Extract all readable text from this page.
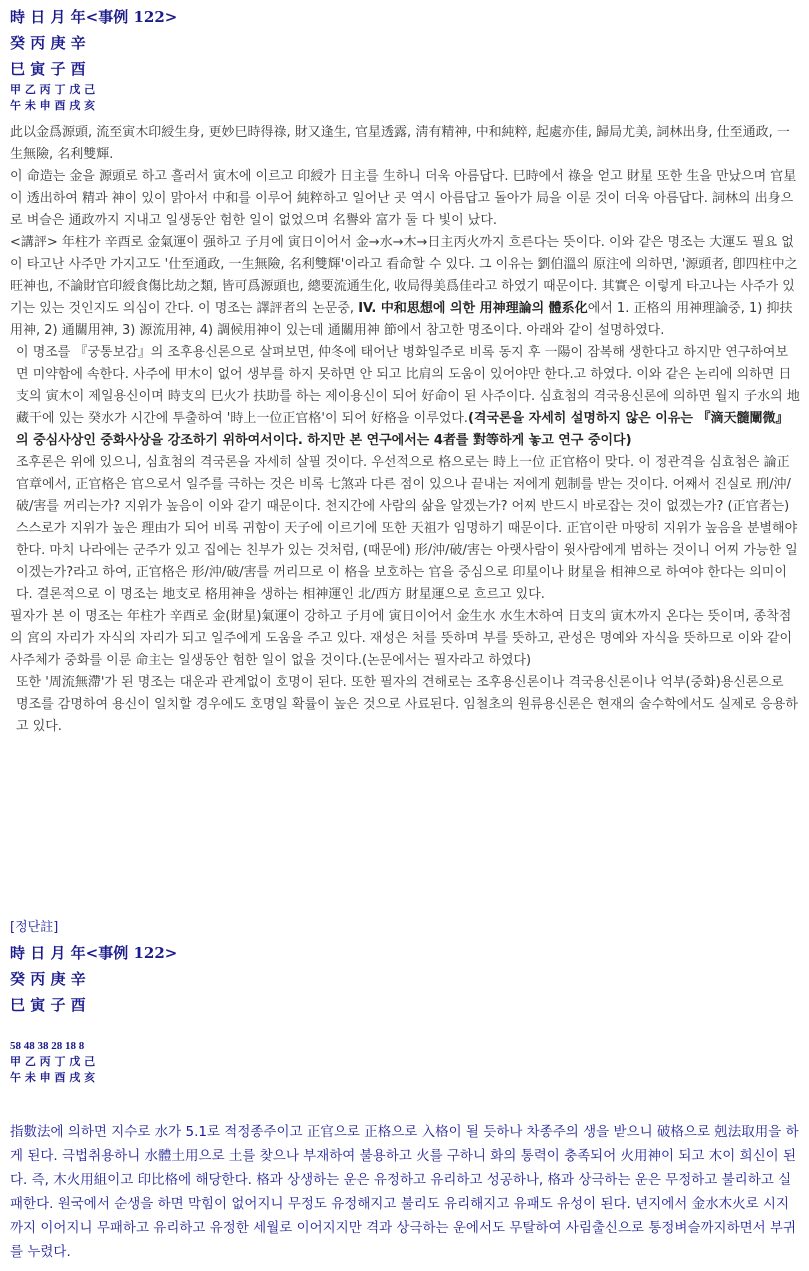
時 日 月 年<事例 122>
癸 丙 庚 辛
巳 寅 子 酉
甲 乙 丙 丁 戊 己
午 未 申 酉 戌 亥

此以金爲源頭, 流至寅木印綬生身, 更妙巳時得祿, 財又逢生, 官星透露, 淸有精神, 中和純粹, 起處亦佳, 歸局尤美, 詞林出身, 仕至通政, 一生無險, 名利雙輝.

이 命造는 金을 源頭로 하고 흘러서 寅木에 이르고 印綬가 日主를 生하니 더욱 아름답다. 巳時에서 祿을 얻고 財星 또한 生을 만났으며 官星이 透出하여 精과 神이 있이 맑아서 中和를 이루어 純粹하고 일어난 곳 역시 아름답고 돌아가 局을 이룬 것이 더욱 아름답다. 詞林의 出身으로 벼슬은 通政까지 지내고 일생동안 험한 일이 없었으며 名譽와 富가 둘 다 빛이 났다.

<講評> 年柱가 辛酉로 金氣運이 强하고 子月에 寅日이어서 金→水→木→日主丙火까지 흐른다는 뜻이다. 이와 같은 명조는 大運도 필요 없이 타고난 사주만 가지고도 '仕至通政, 一生無險, 名利雙輝'이라고 看命할 수 있다. 그 이유는 劉伯溫의 原注에 의하면, '源頭者, 卽四柱中之旺神也, 不論財官印綬食傷比劫之類, 皆可爲源頭也, 總要流通生化, 收局得美爲佳라고 하였기 때문이다. 其實은 이렇게 타고나는 사주가 있기는 있는 것인지도 의심이 간다. 이 명조는 譯評者의 논문중, IV. 中和思想에 의한 用神理論의 體系化에서 1. 正格의 用神理論중, 1) 抑扶用神, 2) 通關用神, 3) 源流用神, 4) 調候用神이 있는데 通關用神 節에서 참고한 명조이다. 아래와 같이 설명하였다.

이 명조를 『궁통보감』의 조후용신론으로 살펴보면, 仲冬에 태어난 병화일주로 비록 동지 후 一陽이 잠복해 생한다고 하지만 연구하여보면 미약함에 속한다. 사주에 甲木이 없어 생부를 하지 못하면 안 되고 比肩의 도움이 있어야만 한다.고 하였다. 이와 같은 논리에 의하면 日支의 寅木이 제일용신이며 時支의 巳火가 扶助를 하는 제이용신이 되어 好命이 된 사주이다. 심효첨의 격국용신론에 의하면 월지 子水의 地藏干에 있는 癸水가 시간에 투출하여 '時上一位正官格'이 되어 好格을 이루었다.(격국론을 자세히 설명하지 않은 이유는 『滴天髓闡微』의 중심사상인 중화사상을 강조하기 위하여서이다. 하지만 본 연구에서는 4者를 對等하게 놓고 연구 중이다)

조후론은 위에 있으니, 심효첨의 격국론을 자세히 살필 것이다. 우선적으로 格으로는 時上一位 正官格이 맞다. 이 정관격을 심효첨은 論正官章에서, 正官格은 官으로서 일주를 극하는 것은 비록 七煞과 다른 점이 있으나 끝내는 저에게 剋制를 받는 것이다. 어째서 진실로 刑/沖/破/害를 꺼리는가? 지위가 높음이 이와 같기 때문이다. 천지간에 사람의 삶을 알겠는가? 어찌 반드시 바로잡는 것이 없겠는가? (正官者는) 스스로가 지위가 높은 理由가 되어 비록 귀함이 天子에 이르기에 또한 天祖가 임명하기 때문이다. 正官이란 마땅히 지위가 높음을 분별해야 한다. 마치 나라에는 군주가 있고 집에는 친부가 있는 것처럼, (때문에) 形/沖/破/害는 아랫사람이 윗사람에게 범하는 것이니 어찌 가능한 일이겠는가?라고 하여, 正官格은 形/沖/破/害를 꺼리므로 이 格을 보호하는 官을 중심으로 印星이나 財星을 相神으로 하여야 한다는 의미이다. 결론적으로 이 명조는 地支로 格用神을 생하는 相神運인 北/西方 財星運으로 흐르고 있다.

필자가 본 이 명조는 年柱가 辛酉로 金(財星)氣運이 강하고 子月에 寅日이어서 金生水 水生木하여 日支의 寅木까지 온다는 뜻이며, 종착점의 宮의 자리가 자식의 자리가 되고 일주에게 도움을 주고 있다. 재성은 처를 뜻하며 부를 뜻하고, 관성은 명예와 자식을 뜻하므로 이와 같이 사주체가 중화를 이룬 命主는 일생동안 험한 일이 없을 것이다.(논문에서는 필자라고 하였다)

또한 '周流無滯'가 된 명조는 대운과 관계없이 호명이 된다. 또한 필자의 견해로는 조후용신론이나 격국용신론이나 억부(중화)용신론으로 명조를 감명하여 용신이 일치할 경우에도 호명일 확률이 높은 것으로 사료된다. 임철초의 원류용신론은 현재의 술수학에서도 실제로 응용하고 있다.

[정단註]
時 日 月 年<事例 122>
癸 丙 庚 辛
巳 寅 子 酉
58 48 38 28 18 8
甲 乙 丙 丁 戊 己
午 未 申 酉 戌 亥
指數法에 의하면 지수로 水가 5.1로 적정종주이고 正官으로 正格으로 入格이 될 듯하나 차종주의 생을 받으니 破格으로 剋法取用을 하게 된다. 극법취용하니 水體土用으로 土를 찾으나 부재하여 불용하고 火를 구하니 화의 통력이 충족되어 火用神이 되고 木이 희신이 된다. 즉, 木火用組이고 印比格에 해당한다. 格과 상생하는 운은 유정하고 유리하고 성공하나, 格과 상극하는 운은 무정하고 불리하고 실패한다. 원국에서 순생을 하면 막힘이 없어지니 무정도 유정해지고 불리도 유리해지고 유패도 유성이 된다. 년지에서 金水木火로 시지까지 이어지니 무패하고 유리하고 유정한 세월로 이어지지만 격과 상극하는 운에서도 무탈하여 사림출신으로 통정벼슬까지하면서 부귀를 누렸다.
